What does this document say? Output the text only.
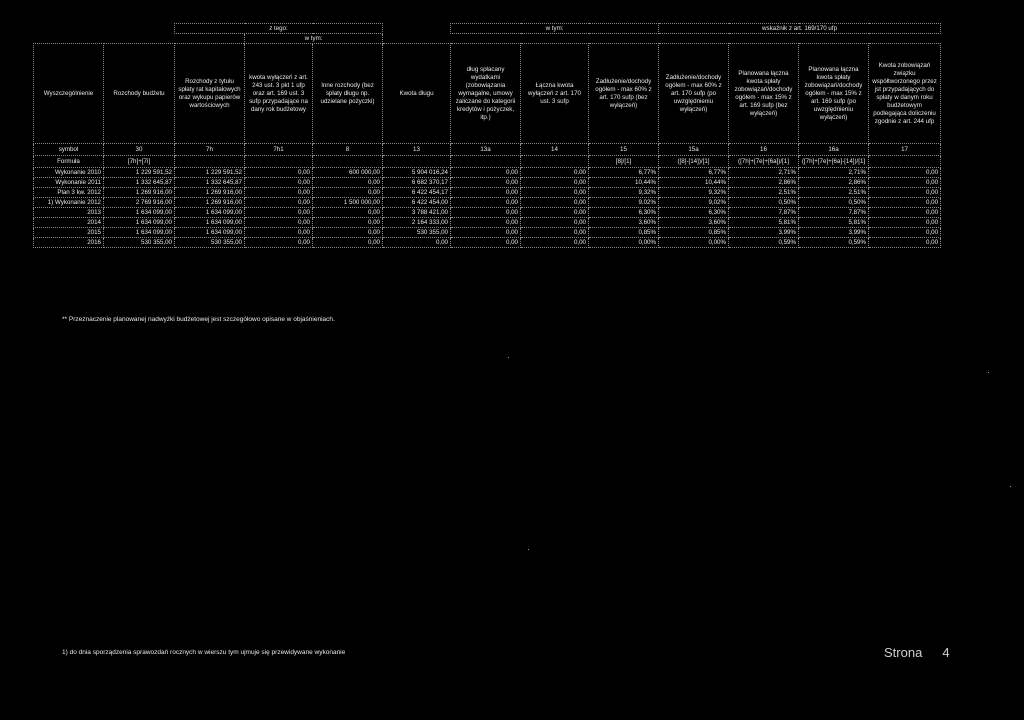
		z tego:				w tym:			wskaźnik z art. 169/170 ufp			
			w tym:									
Wyszczególnienie	Rozchody budżetu	Rozchody z tytułu spłaty rat kapitałowych oraz wykupu papierów wartościowych	kwota wyłączeń z art. 243 ust. 3 pkt 1 ufp oraz art. 169 ust. 3 sufp przypadające na dany rok budżetowy	Inne rozchody (bez spłaty długu np. udzielane pożyczki)	Kwota długu	dług spłacany wydatkami (zobowiązania wymagalne, umowy zaliczane do kategorii kredytów i pożyczek, itp.)	Łączna kwota wyłączeń z art. 170 ust. 3 sufp	Zadłużenie/dochody ogółem - max 60% z art. 170 sufp (bez wyłączeń)	Zadłużenie/dochody ogółem - max 60% z art. 170 sufp (po uwzględnieniu wyłączeń)	Planowana łączna kwota spłaty zobowiązań/dochody ogółem - max 15% z art. 169 sufp (bez wyłączeń)	Planowana łączna kwota spłaty zobowiązań/dochody ogółem - max 15% z art. 169 sufp (po uwzględnieniu wyłączeń)	Kwota zobowiązań związku współtworzonego przez jst przypadających do spłaty w danym roku budżetowym podlegająca doliczeniu zgodnie z art. 244 ufp
symbol	30	7h	7h1	8	13	13a	14	15	15a	16	16a	17
Formuła	[7h]+[7i]							[8]/[1]	([8]-[14])/[1]	([7h]+[7e]+[6a])/[1]	([7h]+[7e]+[6a]-[14])/[1]	
Wykonanie 2010	1 229 591,52	1 229 591,52	0,00	600 000,00	5 904 016,24	0,00	0,00	6,77%	6,77%	2,71%	2,71%	0,00
Wykonanie 2011	1 332 645,87	1 332 645,87	0,00	0,00	6 682 370,17	0,00	0,00	10,44%	10,44%	2,86%	2,86%	0,00
Plan 3 kw. 2012	1 269 916,00	1 269 916,00	0,00	0,00	6 422 454,17	0,00	0,00	9,32%	9,32%	2,51%	2,51%	0,00
1) Wykonanie 2012	2 769 916,00	1 269 916,00	0,00	1 500 000,00	6 422 454,00	0,00	0,00	9,02%	9,02%	0,50%	0,50%	0,00
2013	1 634 099,00	1 634 099,00	0,00	0,00	3 788 421,00	0,00	0,00	6,30%	6,30%	7,87%	7,87%	0,00
2014	1 634 099,00	1 634 099,00	0,00	0,00	2 164 333,00	0,00	0,00	3,60%	3,60%	5,81%	5,81%	0,00
2015	1 634 099,00	1 634 099,00	0,00	0,00	530 355,00	0,00	0,00	0,85%	0,85%	3,99%	3,99%	0,00
2016	530 355,00	530 355,00	0,00	0,00	0,00	0,00	0,00	0,00%	0,00%	0,59%	0,59%	0,00
** Przeznaczenie planowanej nadwyżki budżetowej jest szczegółowo opisane w objaśnieniach.
1) do dnia sporządzenia sprawozdań rocznych w wierszu tym ujmuje się przewidywane wykonanie	Strona 4
